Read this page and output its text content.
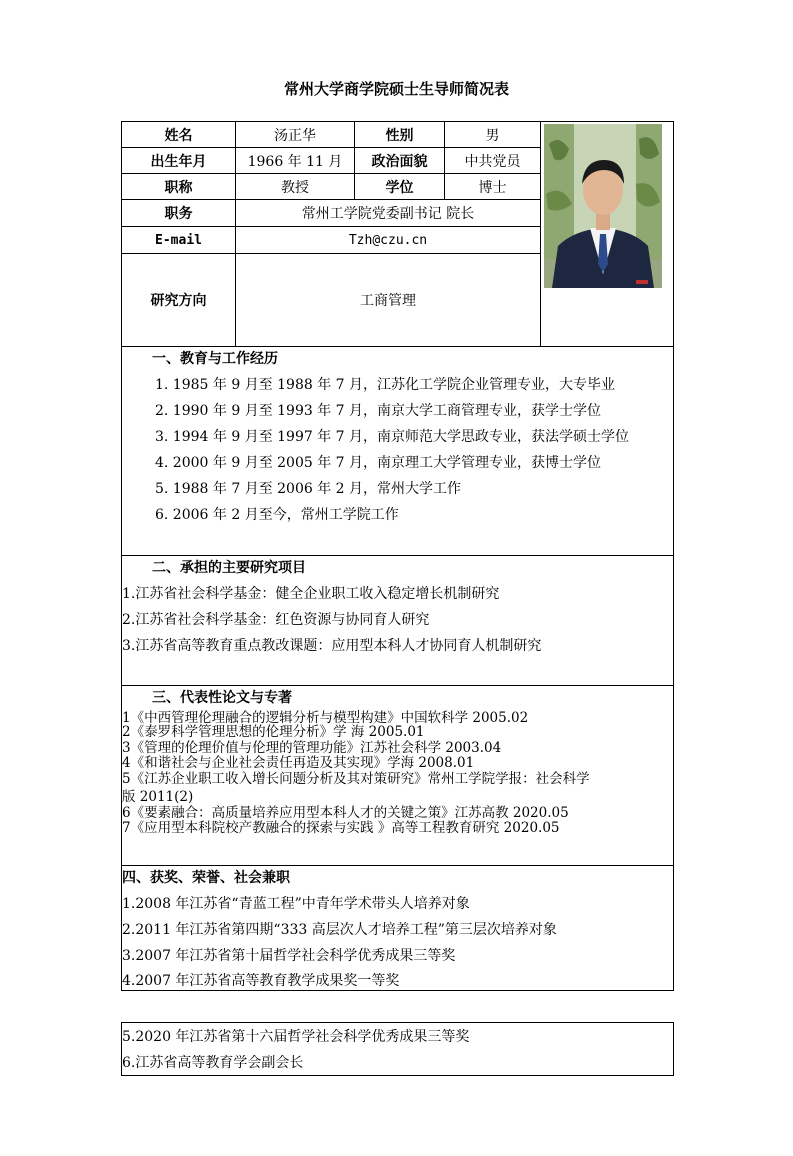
常州大学商学院硕士生导师简况表
姓名	汤正华	性别	男
出生年月	1966 年 11 月	政治面貌	中共党员
职称	教授	学位	博士
职务	常州工学院党委副书记 院长
E-mail	Tzh@czu.cn
研究方向	工商管理
一、教育与工作经历
1. 1985 年 9 月至 1988 年 7 月，江苏化工学院企业管理专业，大专毕业
2. 1990 年 9 月至 1993 年 7 月，南京大学工商管理专业，获学士学位
3. 1994 年 9 月至 1997 年 7 月，南京师范大学思政专业，获法学硕士学位
4. 2000 年 9 月至 2005 年 7 月，南京理工大学管理专业，获博士学位
5. 1988 年 7 月至 2006 年 2 月，常州大学工作
6. 2006 年 2 月至今，常州工学院工作
二、承担的主要研究项目
1.江苏省社会科学基金：健全企业职工收入稳定增长机制研究
2.江苏省社会科学基金：红色资源与协同育人研究
3.江苏省高等教育重点教改课题：应用型本科人才协同育人机制研究
三、代表性论文与专著
1《中西管理伦理融合的逻辑分析与模型构建》中国软科学 2005.02
2《泰罗科学管理思想的伦理分析》学 海 2005.01
3《管理的伦理价值与伦理的管理功能》江苏社会科学 2003.04
4《和谐社会与企业社会责任再造及其实现》学海 2008.01
5《江苏企业职工收入增长问题分析及其对策研究》常州工学院学报：社会科学
版 2011(2)
6《要素融合：高质量培养应用型本科人才的关键之策》江苏高教 2020.05
7《应用型本科院校产教融合的探索与实践 》高等工程教育研究 2020.05
四、获奖、荣誉、社会兼职
1.2008 年江苏省“青蓝工程”中青年学术带头人培养对象
2.2011 年江苏省第四期“333 高层次人才培养工程”第三层次培养对象
3.2007 年江苏省第十届哲学社会科学优秀成果三等奖
4.2007 年江苏省高等教育教学成果奖一等奖
5.2020 年江苏省第十六届哲学社会科学优秀成果三等奖
6.江苏省高等教育学会副会长
